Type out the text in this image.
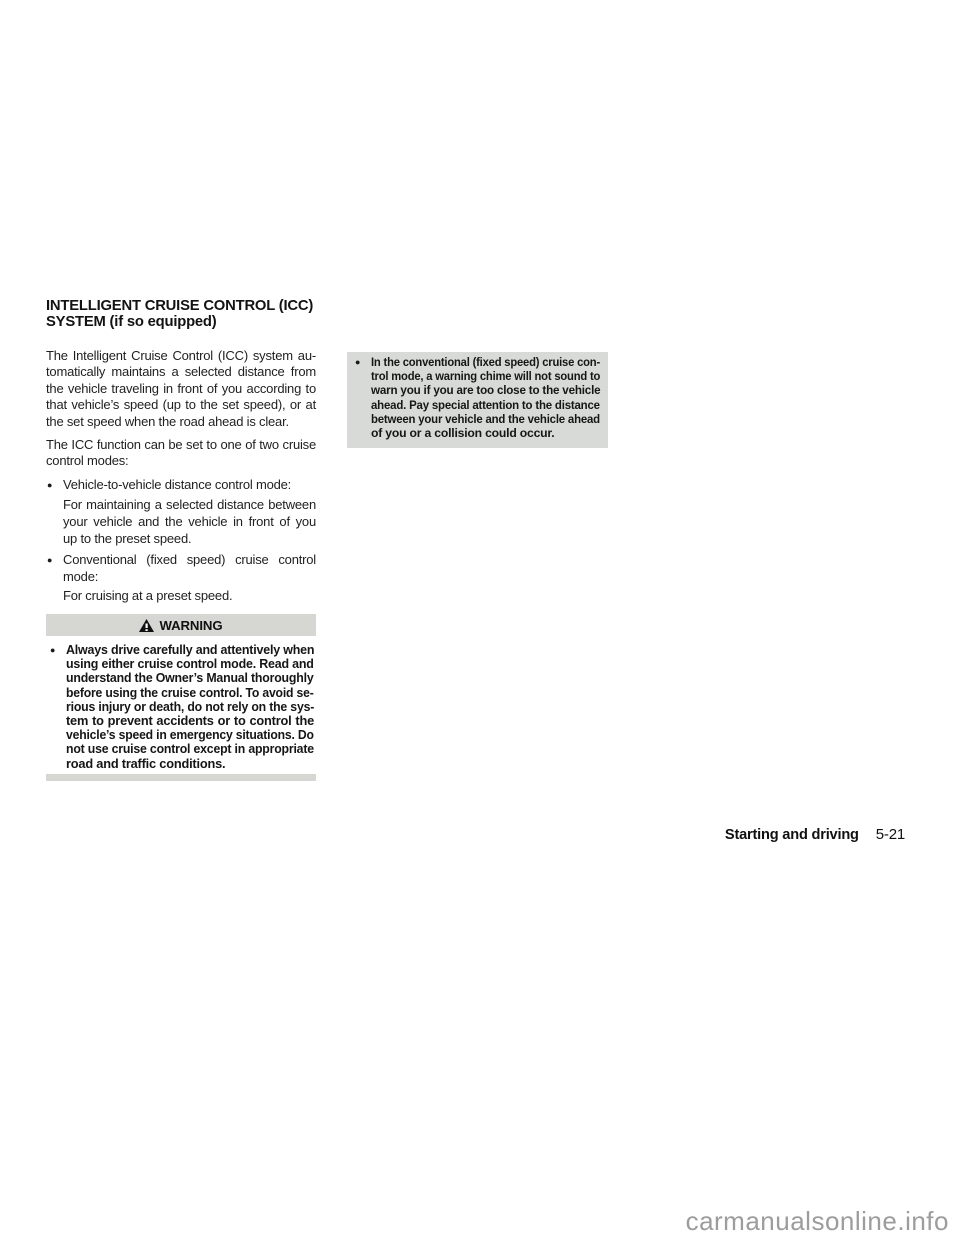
INTELLIGENT CRUISE CONTROL (ICC)
SYSTEM (if so equipped)
The Intelligent Cruise Control (ICC) system au-
tomatically maintains a selected distance from
the vehicle traveling in front of you according to
that vehicle’s speed (up to the set speed), or at
the set speed when the road ahead is clear.
The ICC function can be set to one of two cruise
control modes:
● Vehicle-to-vehicle distance control mode:
For maintaining a selected distance between
your vehicle and the vehicle in front of you
up to the preset speed.
● Conventional (fixed speed) cruise control
mode:
For cruising at a preset speed.
WARNING
● Always drive carefully and attentively when
using either cruise control mode. Read and
understand the Owner’s Manual thoroughly
before using the cruise control. To avoid se-
rious injury or death, do not rely on the sys-
tem to prevent accidents or to control the
vehicle’s speed in emergency situations. Do
not use cruise control except in appropriate
road and traffic conditions.
● In the conventional (fixed speed) cruise con-
trol mode, a warning chime will not sound to
warn you if you are too close to the vehicle
ahead. Pay special attention to the distance
between your vehicle and the vehicle ahead
of you or a collision could occur.
Starting and driving 5-21
carmanualsonline.info
